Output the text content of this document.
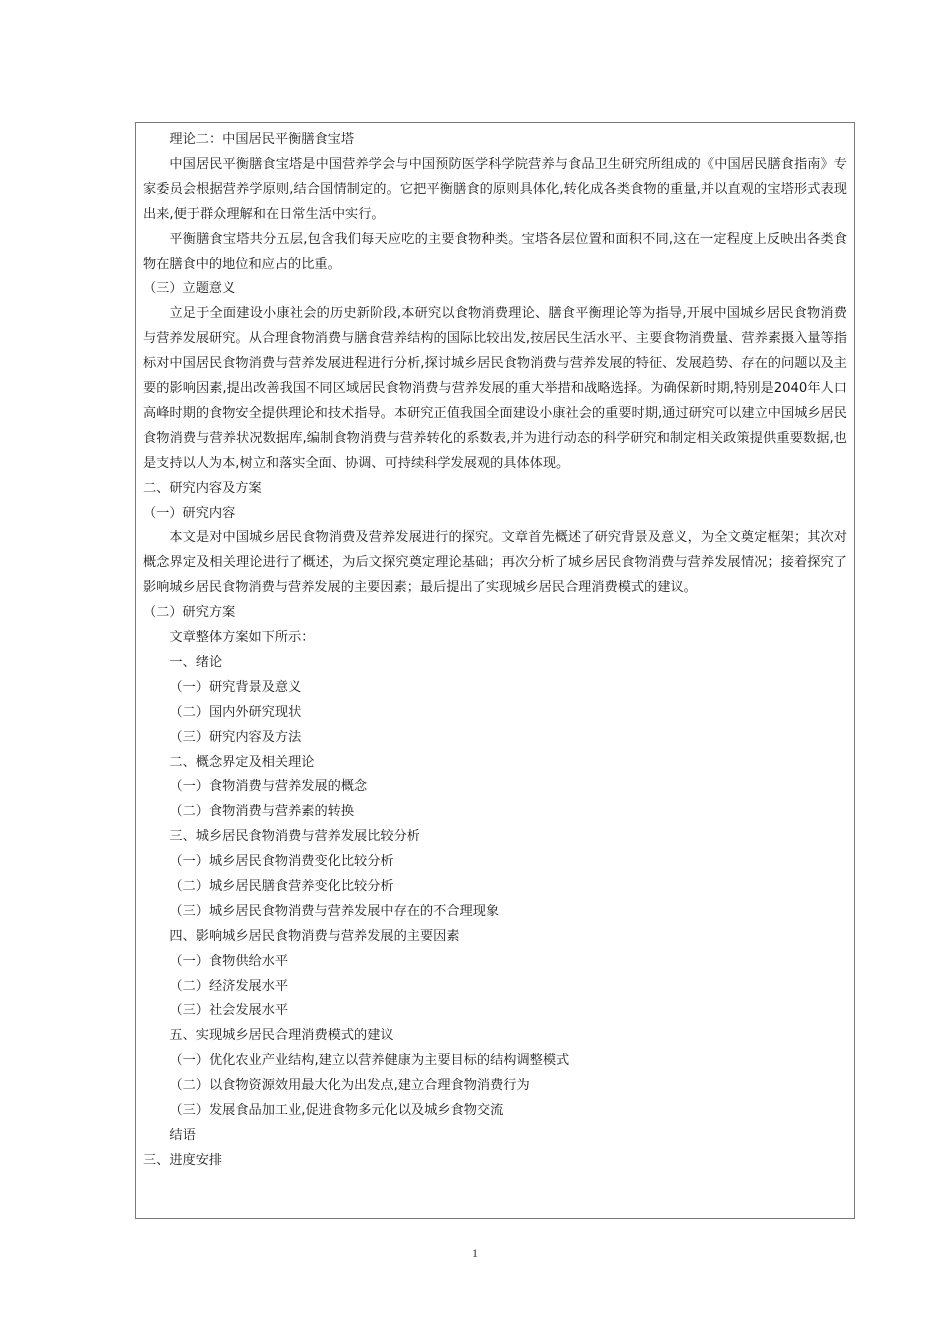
理论二：中国居民平衡膳食宝塔

中国居民平衡膳食宝塔是中国营养学会与中国预防医学科学院营养与食品卫生研究所组成的《中国居民膳食指南》专家委员会根据营养学原则,结合国情制定的。它把平衡膳食的原则具体化,转化成各类食物的重量,并以直观的宝塔形式表现出来,便于群众理解和在日常生活中实行。

平衡膳食宝塔共分五层,包含我们每天应吃的主要食物种类。宝塔各层位置和面积不同,这在一定程度上反映出各类食物在膳食中的地位和应占的比重。

（三）立题意义

立足于全面建设小康社会的历史新阶段,本研究以食物消费理论、膳食平衡理论等为指导,开展中国城乡居民食物消费与营养发展研究。从合理食物消费与膳食营养结构的国际比较出发,按居民生活水平、主要食物消费量、营养素摄入量等指标对中国居民食物消费与营养发展进程进行分析,探讨城乡居民食物消费与营养发展的特征、发展趋势、存在的问题以及主要的影响因素,提出改善我国不同区域居民食物消费与营养发展的重大举措和战略选择。为确保新时期,特别是2040年人口高峰时期的食物安全提供理论和技术指导。本研究正值我国全面建设小康社会的重要时期,通过研究可以建立中国城乡居民食物消费与营养状况数据库,编制食物消费与营养转化的系数表,并为进行动态的科学研究和制定相关政策提供重要数据,也是支持以人为本,树立和落实全面、协调、可持续科学发展观的具体体现。

二、研究内容及方案
（一）研究内容

本文是对中国城乡居民食物消费及营养发展进行的探究。文章首先概述了研究背景及意义，为全文奠定框架；其次对概念界定及相关理论进行了概述，为后文探究奠定理论基础；再次分析了城乡居民食物消费与营养发展情况；接着探究了影响城乡居民食物消费与营养发展的主要因素；最后提出了实现城乡居民合理消费模式的建议。

（二）研究方案
文章整体方案如下所示：
一、绪论
（一）研究背景及意义
（二）国内外研究现状
（三）研究内容及方法
二、概念界定及相关理论
（一）食物消费与营养发展的概念
（二）食物消费与营养素的转换
三、城乡居民食物消费与营养发展比较分析
（一）城乡居民食物消费变化比较分析
（二）城乡居民膳食营养变化比较分析
（三）城乡居民食物消费与营养发展中存在的不合理现象
四、影响城乡居民食物消费与营养发展的主要因素
（一）食物供给水平
（二）经济发展水平
（三）社会发展水平
五、实现城乡居民合理消费模式的建议
（一）优化农业产业结构,建立以营养健康为主要目标的结构调整模式
（二）以食物资源效用最大化为出发点,建立合理食物消费行为
（三）发展食品加工业,促进食物多元化以及城乡食物交流
结语
三、进度安排
1
